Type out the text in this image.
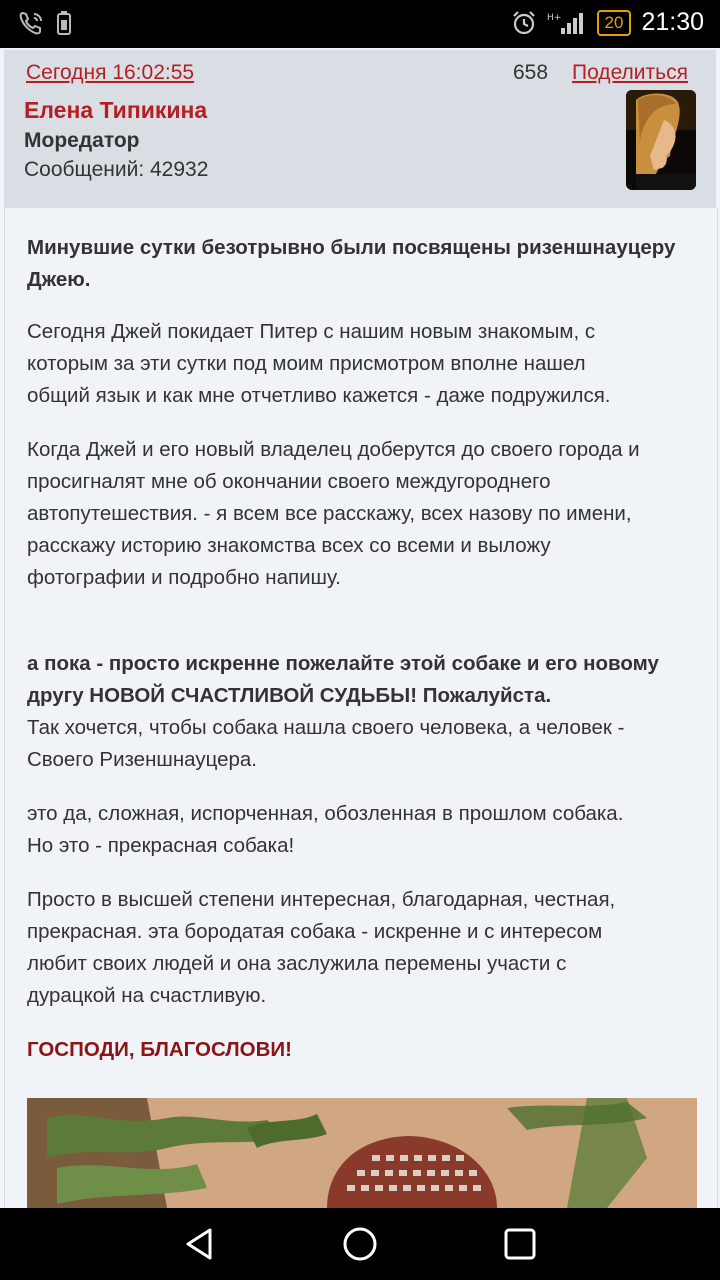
H+	20 21:30
Сегодня 16:02:55	658 Поделиться
Елена Типикина
Моредатор
Сообщений: 42932

Минувшие сутки безотрывно были посвящены ризеншнауцеру
Джею.

Сегодня Джей покидает Питер с нашим новым знакомым, с
которым за эти сутки под моим присмотром вполне нашел
общий язык и как мне отчетливо кажется - даже подружился.

Когда Джей и его новый владелец доберутся до своего города и
просигналят мне об окончании своего междугороднего
автопутешествия. - я всем все расскажу, всех назову по имени,
расскажу историю знакомства всех со всеми и выложу
фотографии и подробно напишу.

а пока - просто искренне пожелайте этой собаке и его новому
другу НОВОЙ СЧАСТЛИВОЙ СУДЬБЫ! Пожалуйста.

Так хочется, чтобы собака нашла своего человека, а человек -
Своего Ризеншнауцера.

это да, сложная, испорченная, обозленная в прошлом собака.
Но это - прекрасная собака!

Просто в высшей степени интересная, благодарная, честная,
прекрасная. эта бородатая собака - искренне и с интересом
любит своих людей и она заслужила перемены участи с
дурацкой на счастливую.

ГОСПОДИ, БЛАГОСЛОВИ!
